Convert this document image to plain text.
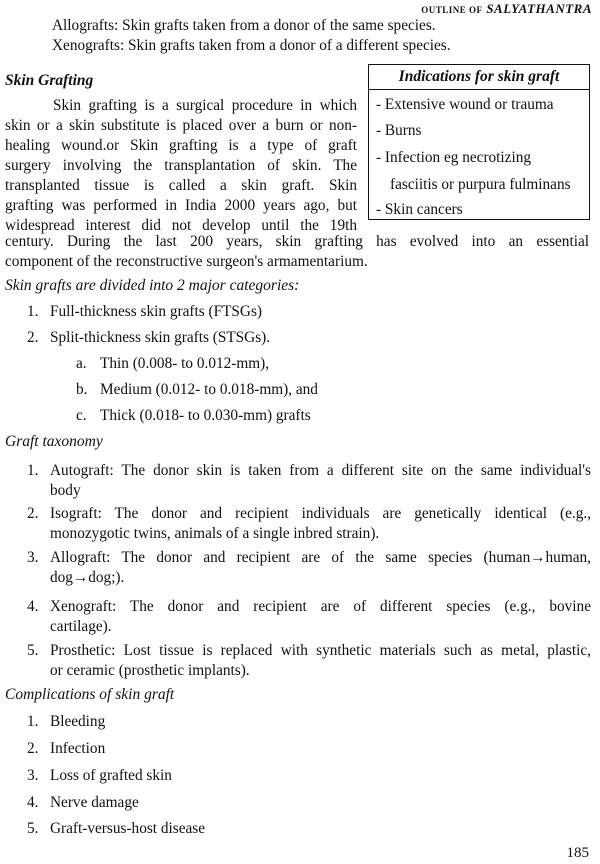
OUTLINE OF SALYATHANTRA
Allografts: Skin grafts taken from a donor of the same species.
Xenografts: Skin grafts taken from a donor of a different species.
Skin Grafting	Indications for skin graft
- Extensive wound or trauma
- Burns
- Infection eg necrotizing
fasciitis or purpura fulminans
- Skin cancers
Skin grafting is a surgical procedure in which
skin or a skin substitute is placed over a burn or non-
healing wound.or Skin grafting is a type of graft
surgery involving the transplantation of skin. The
transplanted tissue is called a skin graft. Skin
grafting was performed in India 2000 years ago, but
widespread interest did not develop until the 19th
century. During the last 200 years, skin grafting has evolved into an essential
component of the reconstructive surgeon's armamentarium.
Skin grafts are divided into 2 major categories:
1. Full-thickness skin grafts (FTSGs)
2. Split-thickness skin grafts (STSGs).
a. Thin (0.008- to 0.012-mm),
b. Medium (0.012- to 0.018-mm), and
c. Thick (0.018- to 0.030-mm) grafts
Graft taxonomy
1. Autograft: The donor skin is taken from a different site on the same individual's
body
2. Isograft: The donor and recipient individuals are genetically identical (e.g.,
monozygotic twins, animals of a single inbred strain).
3. Allograft: The donor and recipient are of the same species (human→human,
dog→dog;).
4. Xenograft: The donor and recipient are of different species (e.g., bovine
cartilage).
5. Prosthetic: Lost tissue is replaced with synthetic materials such as metal, plastic,
or ceramic (prosthetic implants).
Complications of skin graft
1. Bleeding
2. Infection
3. Loss of grafted skin
4. Nerve damage
5. Graft-versus-host disease
185
